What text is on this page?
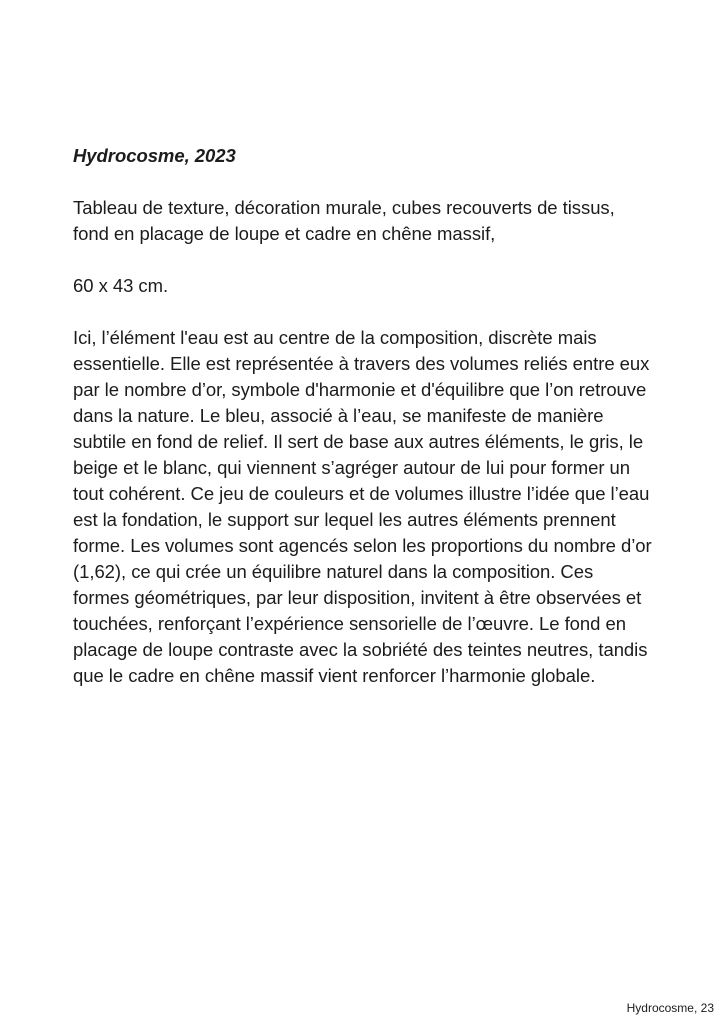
Hydrocosme, 2023

Tableau de texture, décoration murale, cubes recouverts de tissus, fond en placage de loupe et cadre en chêne massif,

60 x 43 cm.

Ici, l’élément l'eau est au centre de la composition, discrète mais essentielle. Elle est représentée à travers des volumes reliés entre eux par le nombre d’or, symbole d'harmonie et d'équilibre que l’on retrouve dans la nature. Le bleu, associé à l’eau, se manifeste de manière subtile en fond de relief. Il sert de base aux autres éléments, le gris, le beige et le blanc, qui viennent s’agréger autour de lui pour former un tout cohérent. Ce jeu de couleurs et de volumes illustre l’idée que l’eau est la fondation, le support sur lequel les autres éléments prennent forme. Les volumes sont agencés selon les proportions du nombre d’or (1,62), ce qui crée un équilibre naturel dans la composition. Ces formes géométriques, par leur disposition, invitent à être observées et touchées, renforçant l’expérience sensorielle de l’œuvre. Le fond en placage de loupe contraste avec la sobriété des teintes neutres, tandis que le cadre en chêne massif vient renforcer l’harmonie globale.

Hydrocosme, 23
